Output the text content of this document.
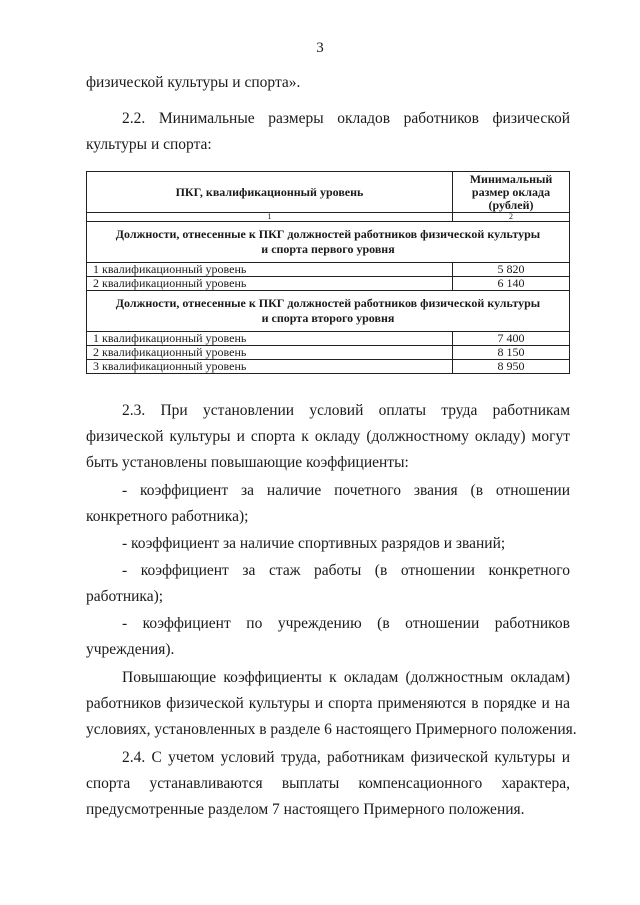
3
физической культуры и спорта».
2.2. Минимальные размеры окладов работников физической
культуры и спорта:
ПКГ, квалификационный уровень	Минимальный
размер оклада
(рублей)

1	2

Должности, отнесенные к ПКГ должностей работников физической культуры
и спорта первого уровня	

1 квалификационный уровень	5 820
2 квалификационный уровень	6 140

Должности, отнесенные к ПКГ должностей работников физической культуры
и спорта второго уровня	

1 квалификационный уровень	7 400
2 квалификационный уровень	8 150
3 квалификационный уровень	8 950
2.3. При установлении условий оплаты труда работникам
физической культуры и спорта к окладу (должностному окладу) могут
быть установлены повышающие коэффициенты:
- коэффициент за наличие почетного звания (в отношении
конкретного работника);
- коэффициент за наличие спортивных разрядов и званий;
- коэффициент за стаж работы (в отношении конкретного
работника);
- коэффициент по учреждению (в отношении работников
учреждения).
Повышающие коэффициенты к окладам (должностным окладам)
работников физической культуры и спорта применяются в порядке и на
условиях, установленных в разделе 6 настоящего Примерного положения.
2.4. С учетом условий труда, работникам физической культуры и
спорта устанавливаются выплаты компенсационного характера,
предусмотренные разделом 7 настоящего Примерного положения.
